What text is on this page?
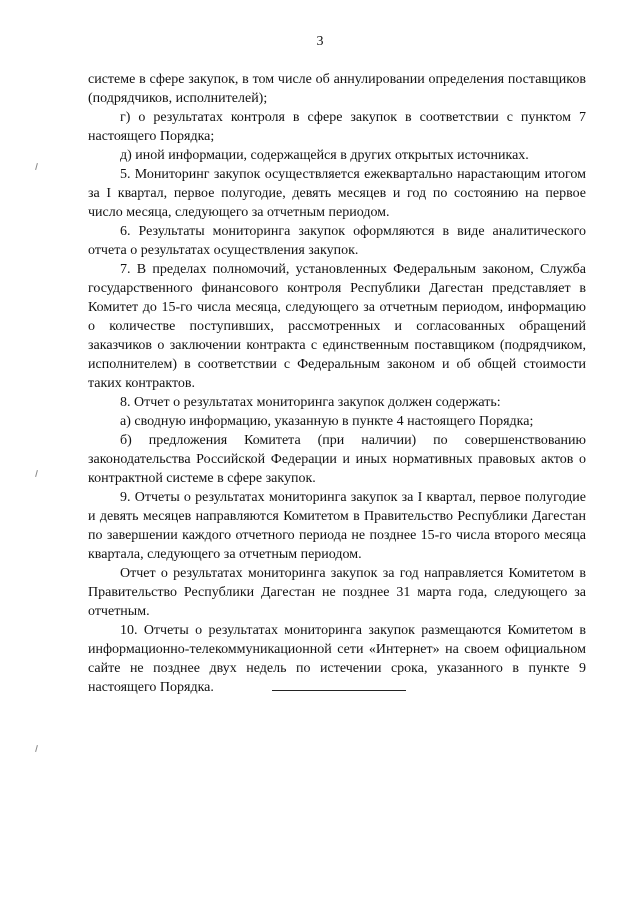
3

системе в сфере закупок, в том числе об аннулировании определения поставщиков (подрядчиков, исполнителей);

г) о результатах контроля в сфере закупок в соответствии с пунктом 7 настоящего Порядка;

д) иной информации, содержащейся в других открытых источниках.

5. Мониторинг закупок осуществляется ежеквартально нарастающим итогом за I квартал, первое полугодие, девять месяцев и год по состоянию на первое число месяца, следующего за отчетным периодом.

6. Результаты мониторинга закупок оформляются в виде аналитического отчета о результатах осуществления закупок.

7. В пределах полномочий, установленных Федеральным законом, Служба государственного финансового контроля Республики Дагестан представляет в Комитет до 15-го числа месяца, следующего за отчетным периодом, информацию о количестве поступивших, рассмотренных и согласованных обращений заказчиков о заключении контракта с единственным поставщиком (подрядчиком, исполнителем) в соответствии с Федеральным законом и об общей стоимости таких контрактов.

8. Отчет о результатах мониторинга закупок должен содержать:

а) сводную информацию, указанную в пункте 4 настоящего Порядка;

б) предложения Комитета (при наличии) по совершенствованию законодательства Российской Федерации и иных нормативных правовых актов о контрактной системе в сфере закупок.

9. Отчеты о результатах мониторинга закупок за I квартал, первое полугодие и девять месяцев направляются Комитетом в Правительство Республики Дагестан по завершении каждого отчетного периода не позднее 15-го числа второго месяца квартала, следующего за отчетным периодом.

Отчет о результатах мониторинга закупок за год направляется Комитетом в Правительство Республики Дагестан не позднее 31 марта года, следующего за отчетным.

10. Отчеты о результатах мониторинга закупок размещаются Комитетом в информационно-телекоммуникационной сети «Интернет» на своем официальном сайте не позднее двух недель по истечении срока, указанного в пункте 9 настоящего Порядка.
